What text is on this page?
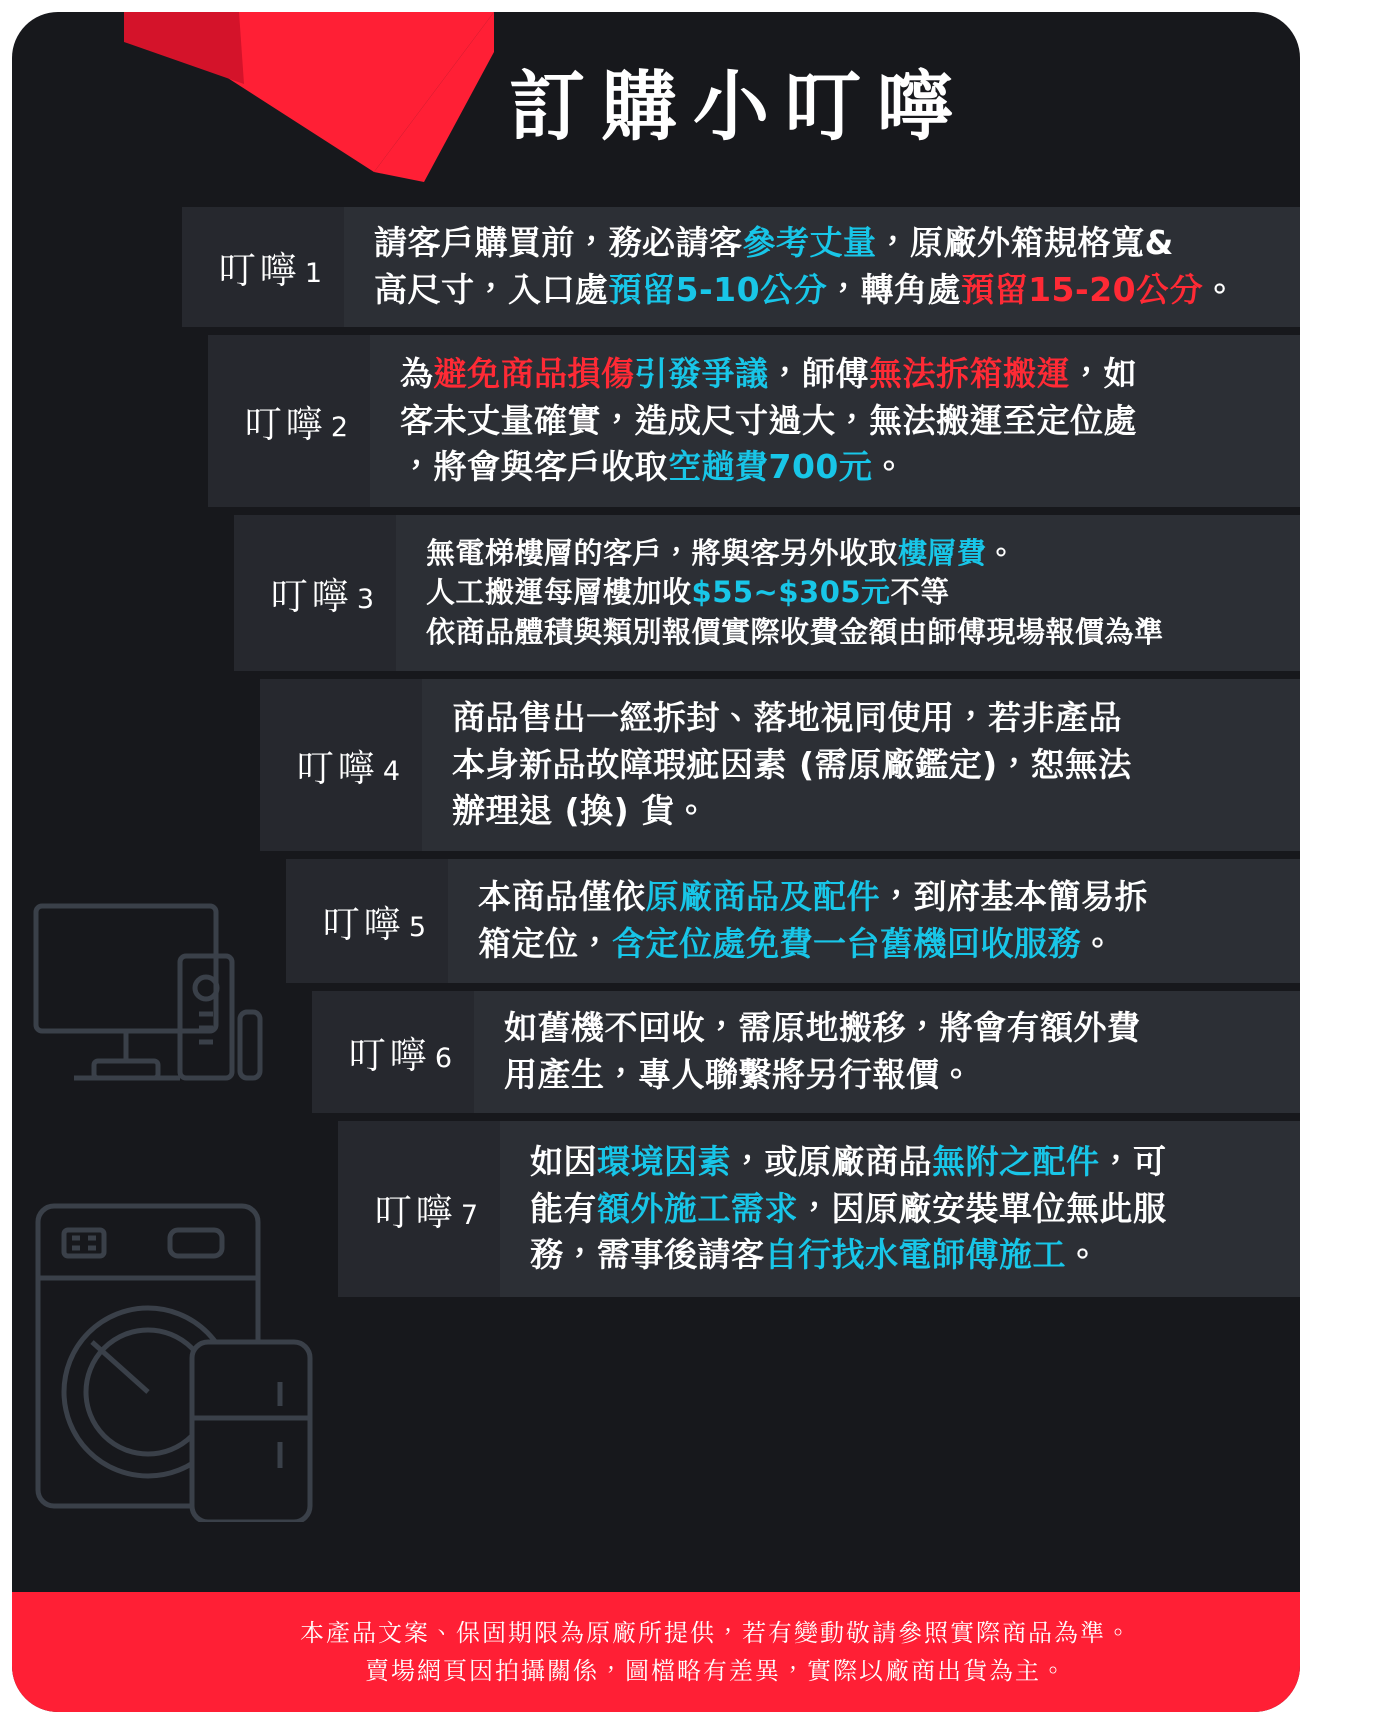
訂購小叮嚀
叮嚀 1

請客戶購買前，務必請客參考丈量，原廠外箱規格寬&

高尺寸，入口處預留5-10公分，轉角處預留15-20公分。

叮嚀 2

為避免商品損傷引發爭議，師傅無法拆箱搬運，如

客未丈量確實，造成尺寸過大，無法搬運至定位處

，將會與客戶收取空趟費700元。

叮嚀 3

無電梯樓層的客戶，將與客另外收取樓層費。

人工搬運每層樓加收$55~$305元不等

依商品體積與類別報價實際收費金額由師傅現場報價為準

叮嚀 4

商品售出一經拆封、落地視同使用，若非產品

本身新品故障瑕疵因素 (需原廠鑑定)，恕無法

辦理退 (換) 貨。

叮嚀 5

本商品僅依原廠商品及配件，到府基本簡易拆

箱定位，含定位處免費一台舊機回收服務。

叮嚀 6

如舊機不回收，需原地搬移，將會有額外費

用產生，專人聯繫將另行報價。

叮嚀 7

如因環境因素，或原廠商品無附之配件，可

能有額外施工需求，因原廠安裝單位無此服

務，需事後請客自行找水電師傅施工。

本產品文案、保固期限為原廠所提供，若有變動敬請參照實際商品為準。

賣場網頁因拍攝關係，圖檔略有差異，實際以廠商出貨為主。
